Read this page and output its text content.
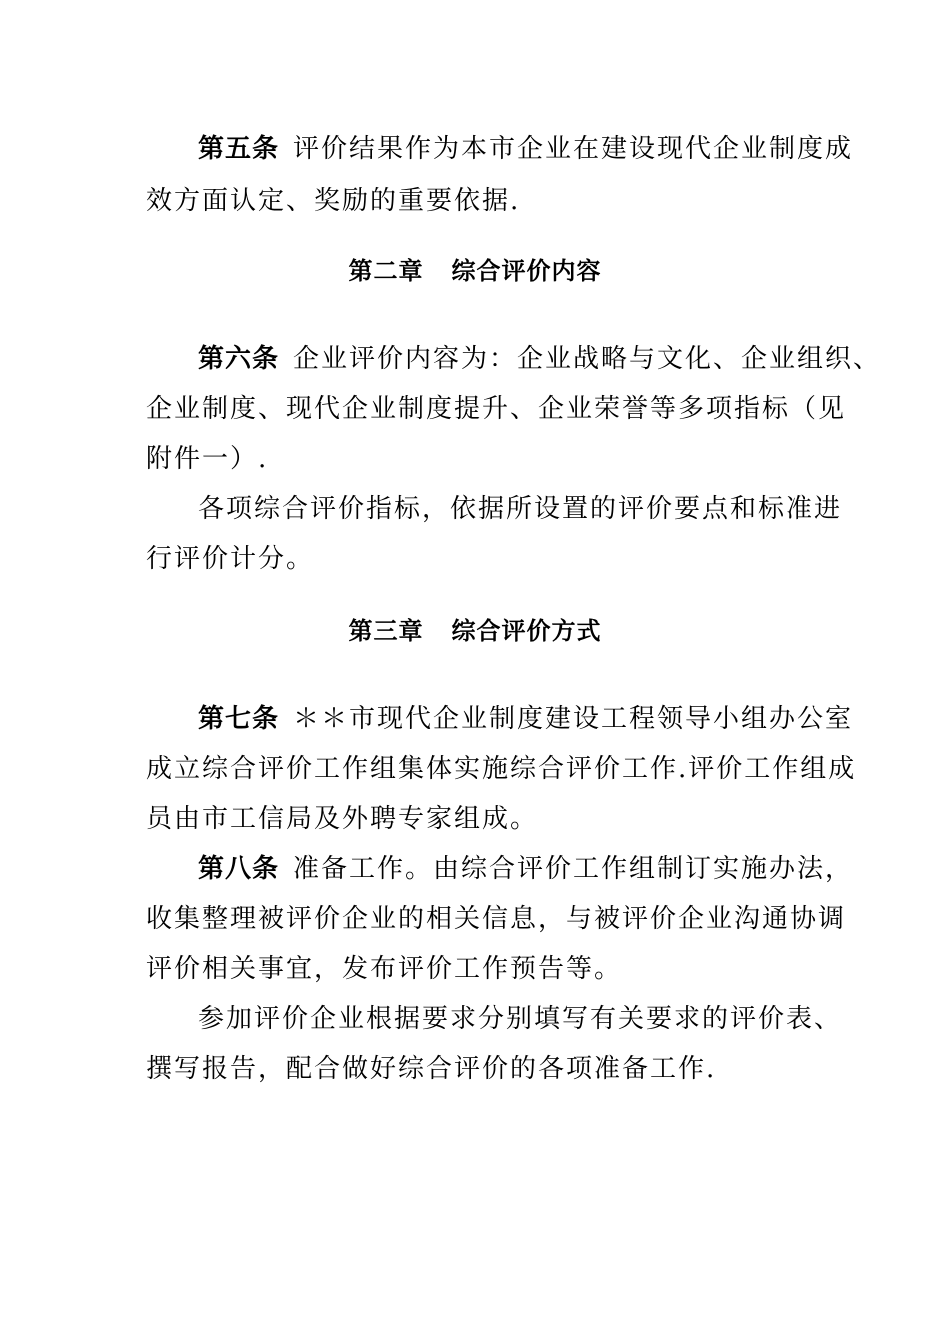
第五条 评价结果作为本市企业在建设现代企业制度成
效方面认定、奖励的重要依据.
第二章 综合评价内容
第六条 企业评价内容为：企业战略与文化、企业组织、
企业制度、现代企业制度提升、企业荣誉等多项指标（见
附件一）.
各项综合评价指标，依据所设置的评价要点和标准进
行评价计分。
第三章 综合评价方式
第七条 ＊＊市现代企业制度建设工程领导小组办公室
成立综合评价工作组集体实施综合评价工作.评价工作组成
员由市工信局及外聘专家组成。
第八条 准备工作。由综合评价工作组制订实施办法，
收集整理被评价企业的相关信息，与被评价企业沟通协调
评价相关事宜，发布评价工作预告等。
参加评价企业根据要求分别填写有关要求的评价表、
撰写报告，配合做好综合评价的各项准备工作.
